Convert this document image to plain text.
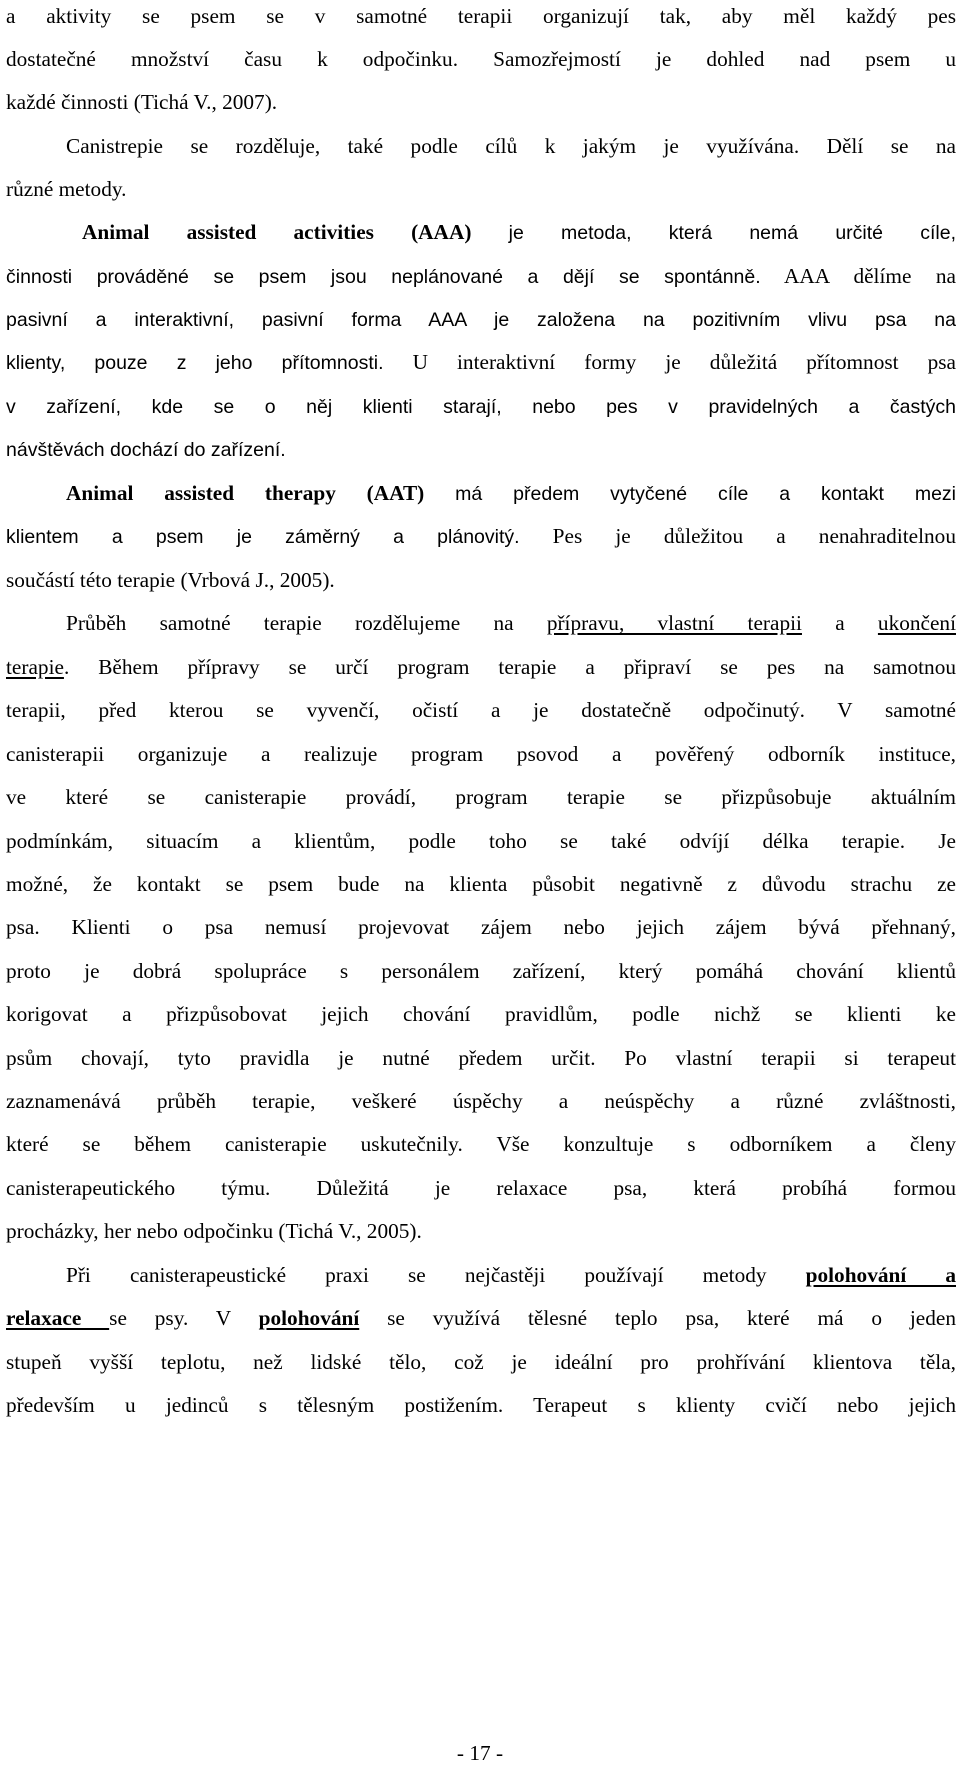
a aktivity se psem se v samotné terapii organizují tak, aby měl každý pes
dostatečné množství času k odpočinku. Samozřejmostí je dohled nad psem u
každé činnosti (Tichá V., 2007).
Canistrepie se rozděluje, také podle cílů k jakým je využívána. Dělí se na
různé metody.
Animal assisted activities (AAA) je metoda, která nemá určité cíle,
činnosti prováděné se psem jsou neplánované a dějí se spontánně. AAA dělíme na
pasivní a interaktivní, pasivní forma AAA je založena na pozitivním vlivu psa na
klienty, pouze z jeho přítomnosti. U interaktivní formy je důležitá přítomnost psa
v zařízení, kde se o něj klienti starají, nebo pes v pravidelných a častých
návštěvách dochází do zařízení.
Animal assisted therapy (AAT) má předem vytyčené cíle a kontakt mezi
klientem a psem je záměrný a plánovitý. Pes je důležitou a nenahraditelnou
součástí této terapie (Vrbová J., 2005).
Průběh samotné terapie rozdělujeme na přípravu, vlastní terapii a ukončení
terapie. Během přípravy se určí program terapie a připraví se pes na samotnou
terapii, před kterou se vyvenčí, očistí a je dostatečně odpočinutý. V samotné
canisterapii organizuje a realizuje program psovod a pověřený odborník instituce,
ve které se canisterapie provádí, program terapie se přizpůsobuje aktuálním
podmínkám, situacím a klientům, podle toho se také odvíjí délka terapie. Je
možné, že kontakt se psem bude na klienta působit negativně z důvodu strachu ze
psa. Klienti o psa nemusí projevovat zájem nebo jejich zájem bývá přehnaný,
proto je dobrá spolupráce s personálem zařízení, který pomáhá chování klientů
korigovat a přizpůsobovat jejich chování pravidlům, podle nichž se klienti ke
psům chovají, tyto pravidla je nutné předem určit. Po vlastní terapii si terapeut
zaznamenává průběh terapie, veškeré úspěchy a neúspěchy a různé zvláštnosti,
které se během canisterapie uskutečnily. Vše konzultuje s odborníkem a členy
canisterapeutického týmu. Důležitá je relaxace psa, která probíhá formou
procházky, her nebo odpočinku (Tichá V., 2005).
Při canisterapeustické praxi se nejčastěji používají metody polohování a
relaxace se psy. V polohování se využívá tělesné teplo psa, které má o jeden
stupeň vyšší teplotu, než lidské tělo, což je ideální pro prohřívání klientova těla,
především u jedinců s tělesným postižením. Terapeut s klienty cvičí nebo jejich
- 17 -
